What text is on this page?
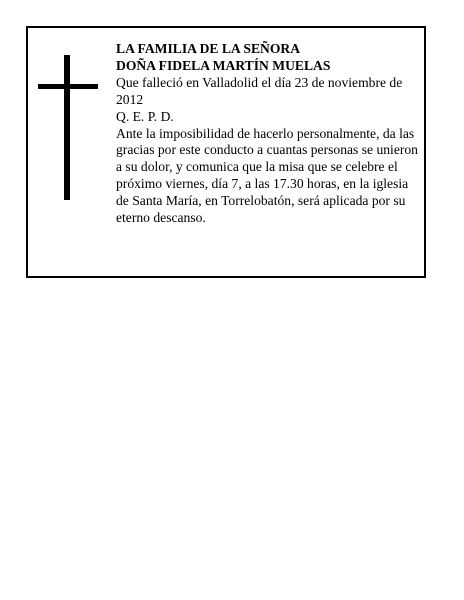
LA FAMILIA DE LA SEÑORA

DOÑA FIDELA MARTÍN MUELAS

Que falleció en Valladolid el día 23 de noviembre de 2012

Q. E. P. D.

Ante la imposibilidad de hacerlo personalmente, da las gracias por este conducto a cuantas personas se unieron a su dolor, y comunica que la misa que se celebre el próximo viernes, día 7, a las 17.30 horas, en la iglesia de Santa María, en Torrelobatón, será aplicada por su eterno descanso.
